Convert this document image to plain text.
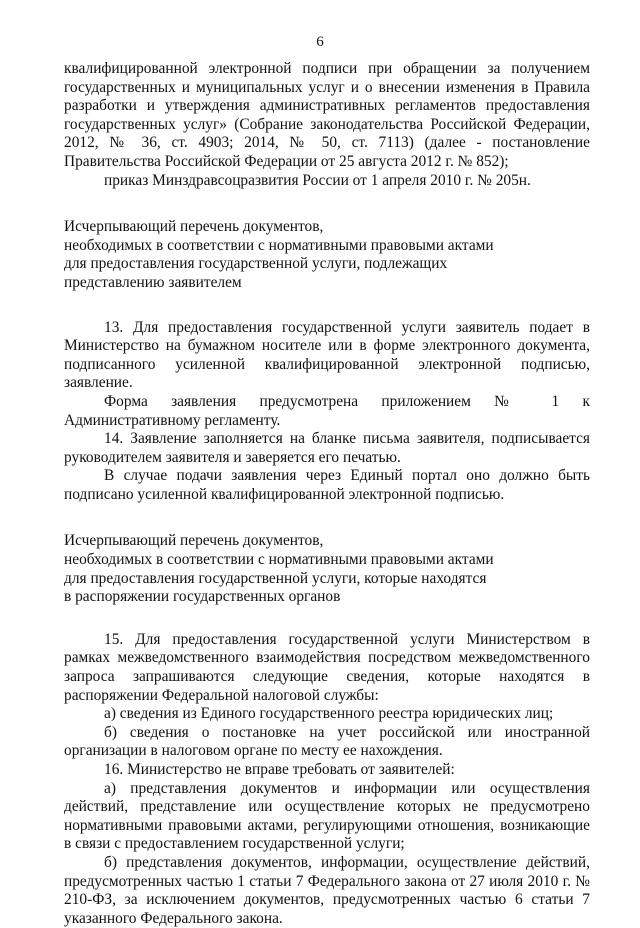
6

квалифицированной электронной подписи при обращении за получением государственных и муниципальных услуг и о внесении изменения в Правила разработки и утверждения административных регламентов предоставления государственных услуг» (Собрание законодательства Российской Федерации, 2012, № 36, ст. 4903; 2014, № 50, ст. 7113) (далее - постановление Правительства Российской Федерации от 25 августа 2012 г. № 852);

приказ Минздравсоцразвития России от 1 апреля 2010 г. № 205н.

Исчерпывающий перечень документов,

необходимых в соответствии с нормативными правовыми актами

для предоставления государственной услуги, подлежащих

представлению заявителем

13. Для предоставления государственной услуги заявитель подает в Министерство на бумажном носителе или в форме электронного документа, подписанного усиленной квалифицированной электронной подписью, заявление.

Форма заявления предусмотрена приложением № 1 к Административному регламенту.

14. Заявление заполняется на бланке письма заявителя, подписывается руководителем заявителя и заверяется его печатью.

В случае подачи заявления через Единый портал оно должно быть подписано усиленной квалифицированной электронной подписью.

Исчерпывающий перечень документов,

необходимых в соответствии с нормативными правовыми актами

для предоставления государственной услуги, которые находятся

в распоряжении государственных органов

15. Для предоставления государственной услуги Министерством в рамках межведомственного взаимодействия посредством межведомственного запроса запрашиваются следующие сведения, которые находятся в распоряжении Федеральной налоговой службы:

а) сведения из Единого государственного реестра юридических лиц;

б) сведения о постановке на учет российской или иностранной организации в налоговом органе по месту ее нахождения.

16. Министерство не вправе требовать от заявителей:

а) представления документов и информации или осуществления действий, представление или осуществление которых не предусмотрено нормативными правовыми актами, регулирующими отношения, возникающие в связи с предоставлением государственной услуги;

б) представления документов, информации, осуществление действий, предусмотренных частью 1 статьи 7 Федерального закона от 27 июля 2010 г. № 210-ФЗ, за исключением документов, предусмотренных частью 6 статьи 7 указанного Федерального закона.
